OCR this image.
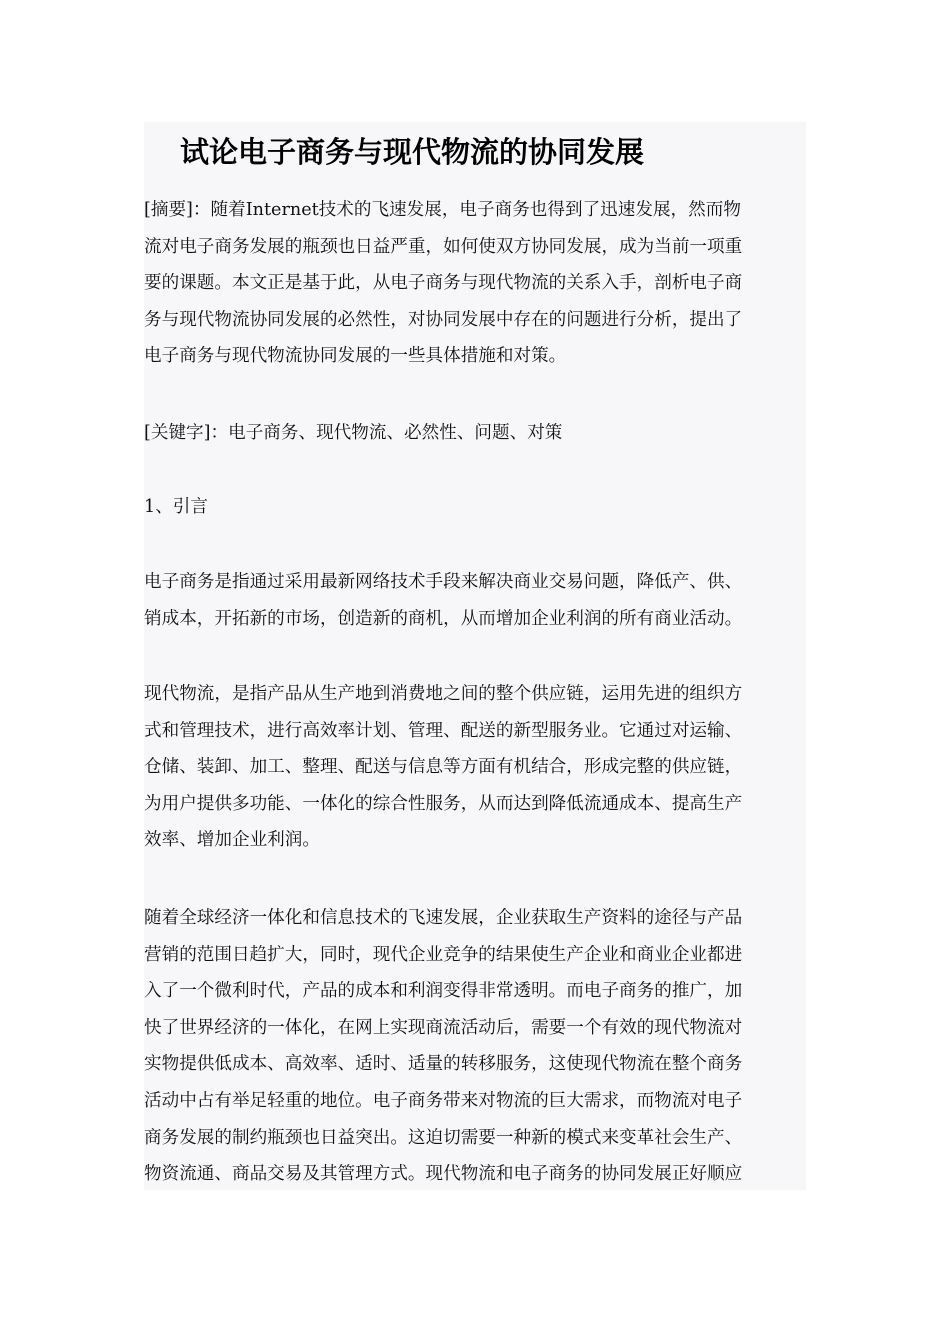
试论电子商务与现代物流的协同发展

[摘要]：随着Internet技术的飞速发展，电子商务也得到了迅速发展，然而物
流对电子商务发展的瓶颈也日益严重，如何使双方协同发展，成为当前一项重
要的课题。本文正是基于此，从电子商务与现代物流的关系入手，剖析电子商
务与现代物流协同发展的必然性，对协同发展中存在的问题进行分析，提出了
电子商务与现代物流协同发展的一些具体措施和对策。

[关键字]：电子商务、现代物流、必然性、问题、对策

1、引言

电子商务是指通过采用最新网络技术手段来解决商业交易问题，降低产、供、
销成本，开拓新的市场，创造新的商机，从而增加企业利润的所有商业活动。

现代物流，是指产品从生产地到消费地之间的整个供应链，运用先进的组织方
式和管理技术，进行高效率计划、管理、配送的新型服务业。它通过对运输、
仓储、装卸、加工、整理、配送与信息等方面有机结合，形成完整的供应链，
为用户提供多功能、一体化的综合性服务，从而达到降低流通成本、提高生产
效率、增加企业利润。

随着全球经济一体化和信息技术的飞速发展，企业获取生产资料的途径与产品
营销的范围日趋扩大，同时，现代企业竞争的结果使生产企业和商业企业都进
入了一个微利时代，产品的成本和利润变得非常透明。而电子商务的推广，加
快了世界经济的一体化，在网上实现商流活动后，需要一个有效的现代物流对
实物提供低成本、高效率、适时、适量的转移服务，这使现代物流在整个商务
活动中占有举足轻重的地位。电子商务带来对物流的巨大需求，而物流对电子
商务发展的制约瓶颈也日益突出。这迫切需要一种新的模式来变革社会生产、
物资流通、商品交易及其管理方式。现代物流和电子商务的协同发展正好顺应
